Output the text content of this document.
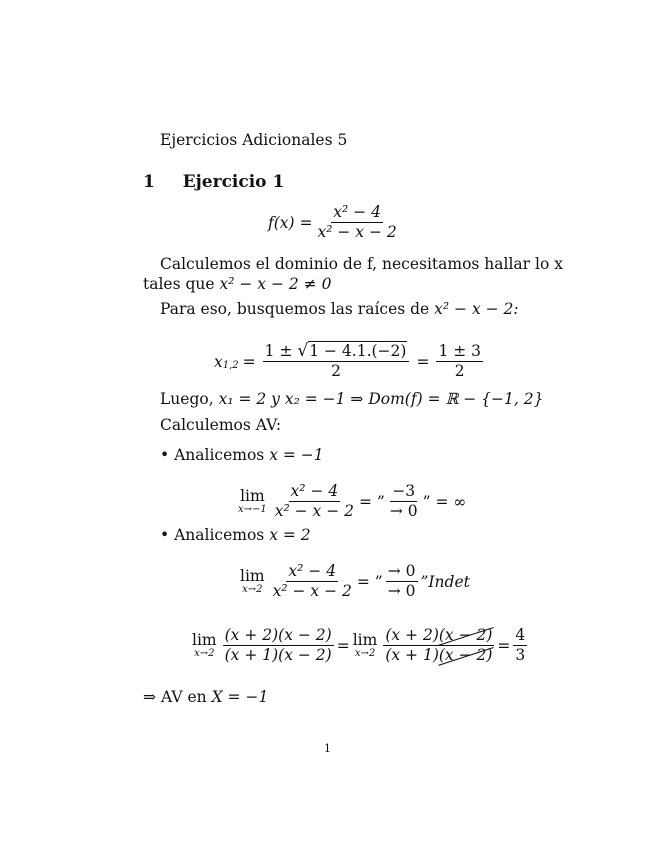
Ejercicios Adicionales 5
1 Ejercicio 1
$f(x) = \frac{\text{x² − 4}}{\text{x² − x − 2}}$
Calculemos el dominio de f, necesitamos hallar lo x
tales que x² − x − 2 ≠ 0
Para eso, busquemos las raíces de x² − x − 2:
$x_{1,2} = \frac{1 \pm √1 - 4.1.(-2)}{2} = \frac{1 \pm 3}{2}$
Luego, x₁ = 2 y x₂ = −1 ⇒ Dom(f) = ℝ − {−1, 2}
Calculemos AV:
• Analicemos x = −1
lim
$x\to-1 \frac{\text{x² − 4}}{\text{x² − x − 2}}$ = ” $\frac{-3}{\to 0}$ ” = ∞
• Analicemos x = 2
lim
$x\to 2 \frac{\text{x² − 4}}{\text{x² − x − 2}}$ = ” $\frac{\to 0}{\to 0}$ ”Indet
lim
$x\to 2 \frac{(x + 2)(x - 2)}{(x + 1)(x - 2)} = \lim$
$x\to 2 \frac{(x + 2)(x - 2)}{(x + 1)(x - 2)} = \frac{4}{3}$
⇒ AV en X = −1
1
